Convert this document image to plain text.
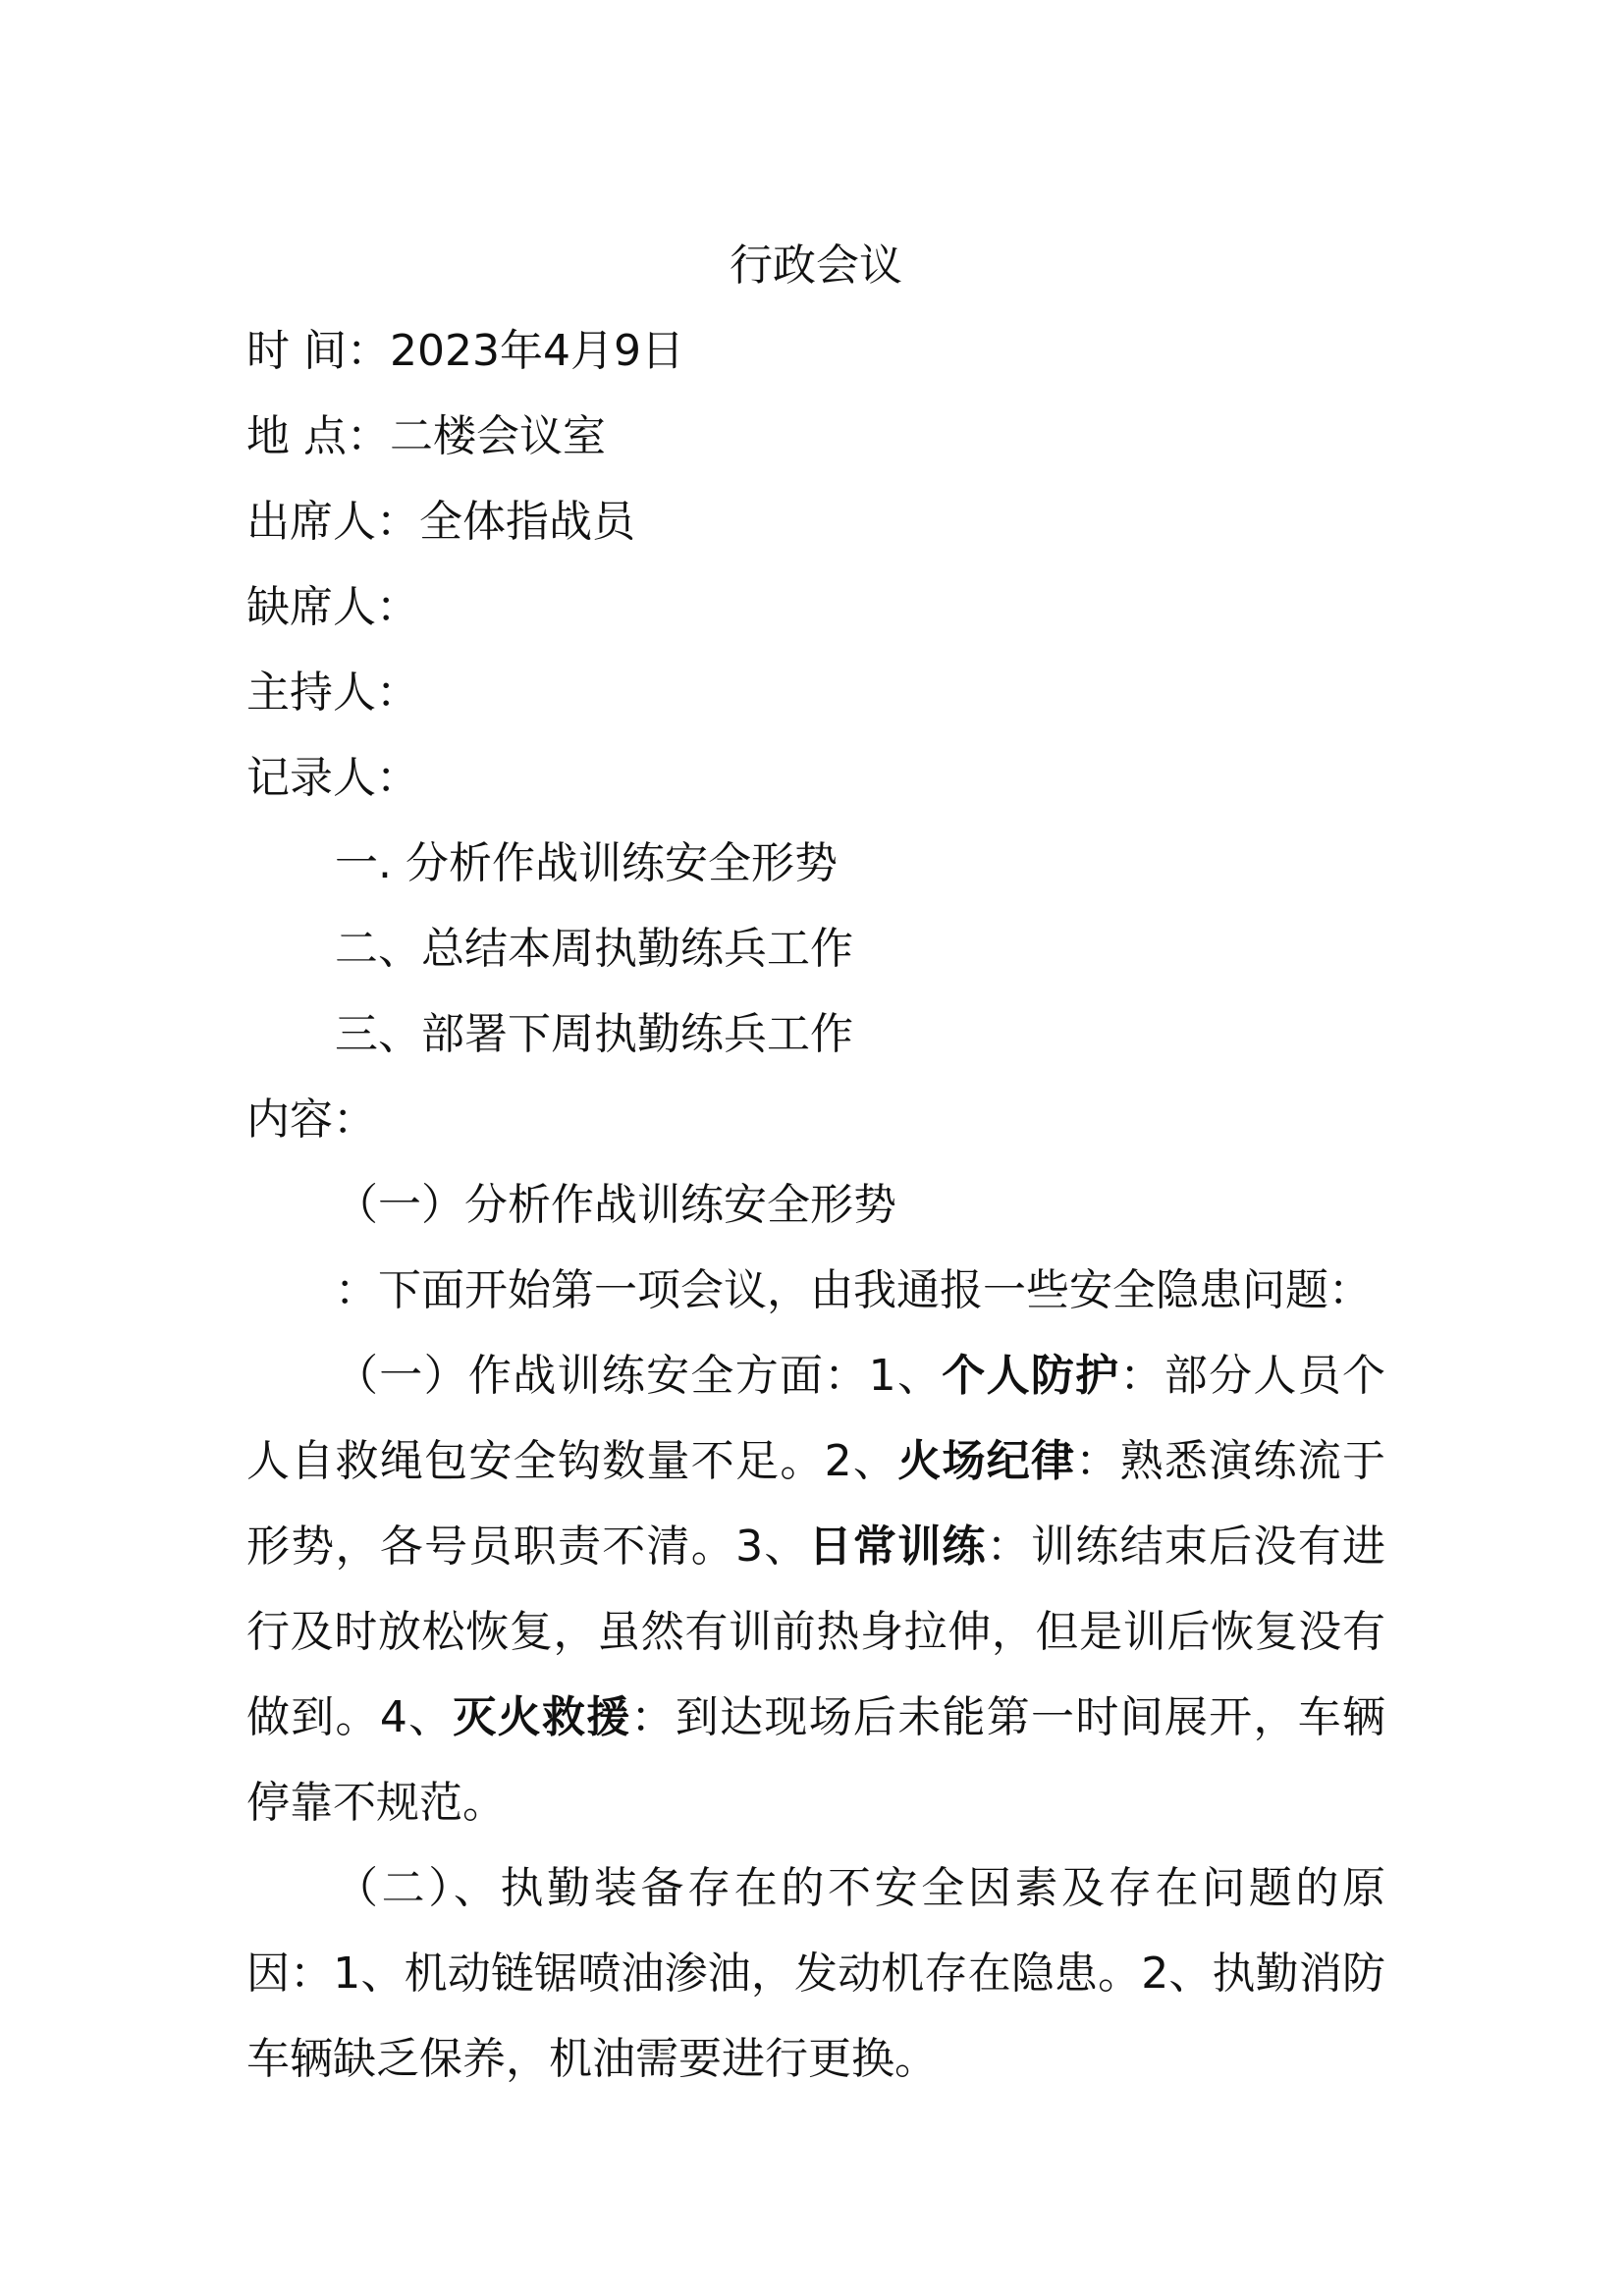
行政会议

时 间：2023年4月9日

地 点：二楼会议室

出席人：全体指战员

缺席人：

主持人：

记录人：

一. 分析作战训练安全形势

二、总结本周执勤练兵工作

三、部署下周执勤练兵工作

内容：

（一）分析作战训练安全形势

：下面开始第一项会议，由我通报一些安全隐患问题：

（一）作战训练安全方面：1、个人防护：部分人员个人自救绳包安全钩数量不足。2、火场纪律：熟悉演练流于形势，各号员职责不清。3、日常训练：训练结束后没有进行及时放松恢复，虽然有训前热身拉伸，但是训后恢复没有做到。4、灭火救援：到达现场后未能第一时间展开，车辆停靠不规范。

（二）、执勤装备存在的不安全因素及存在问题的原因：1、机动链锯喷油渗油，发动机存在隐患。2、执勤消防车辆缺乏保养，机油需要进行更换。
